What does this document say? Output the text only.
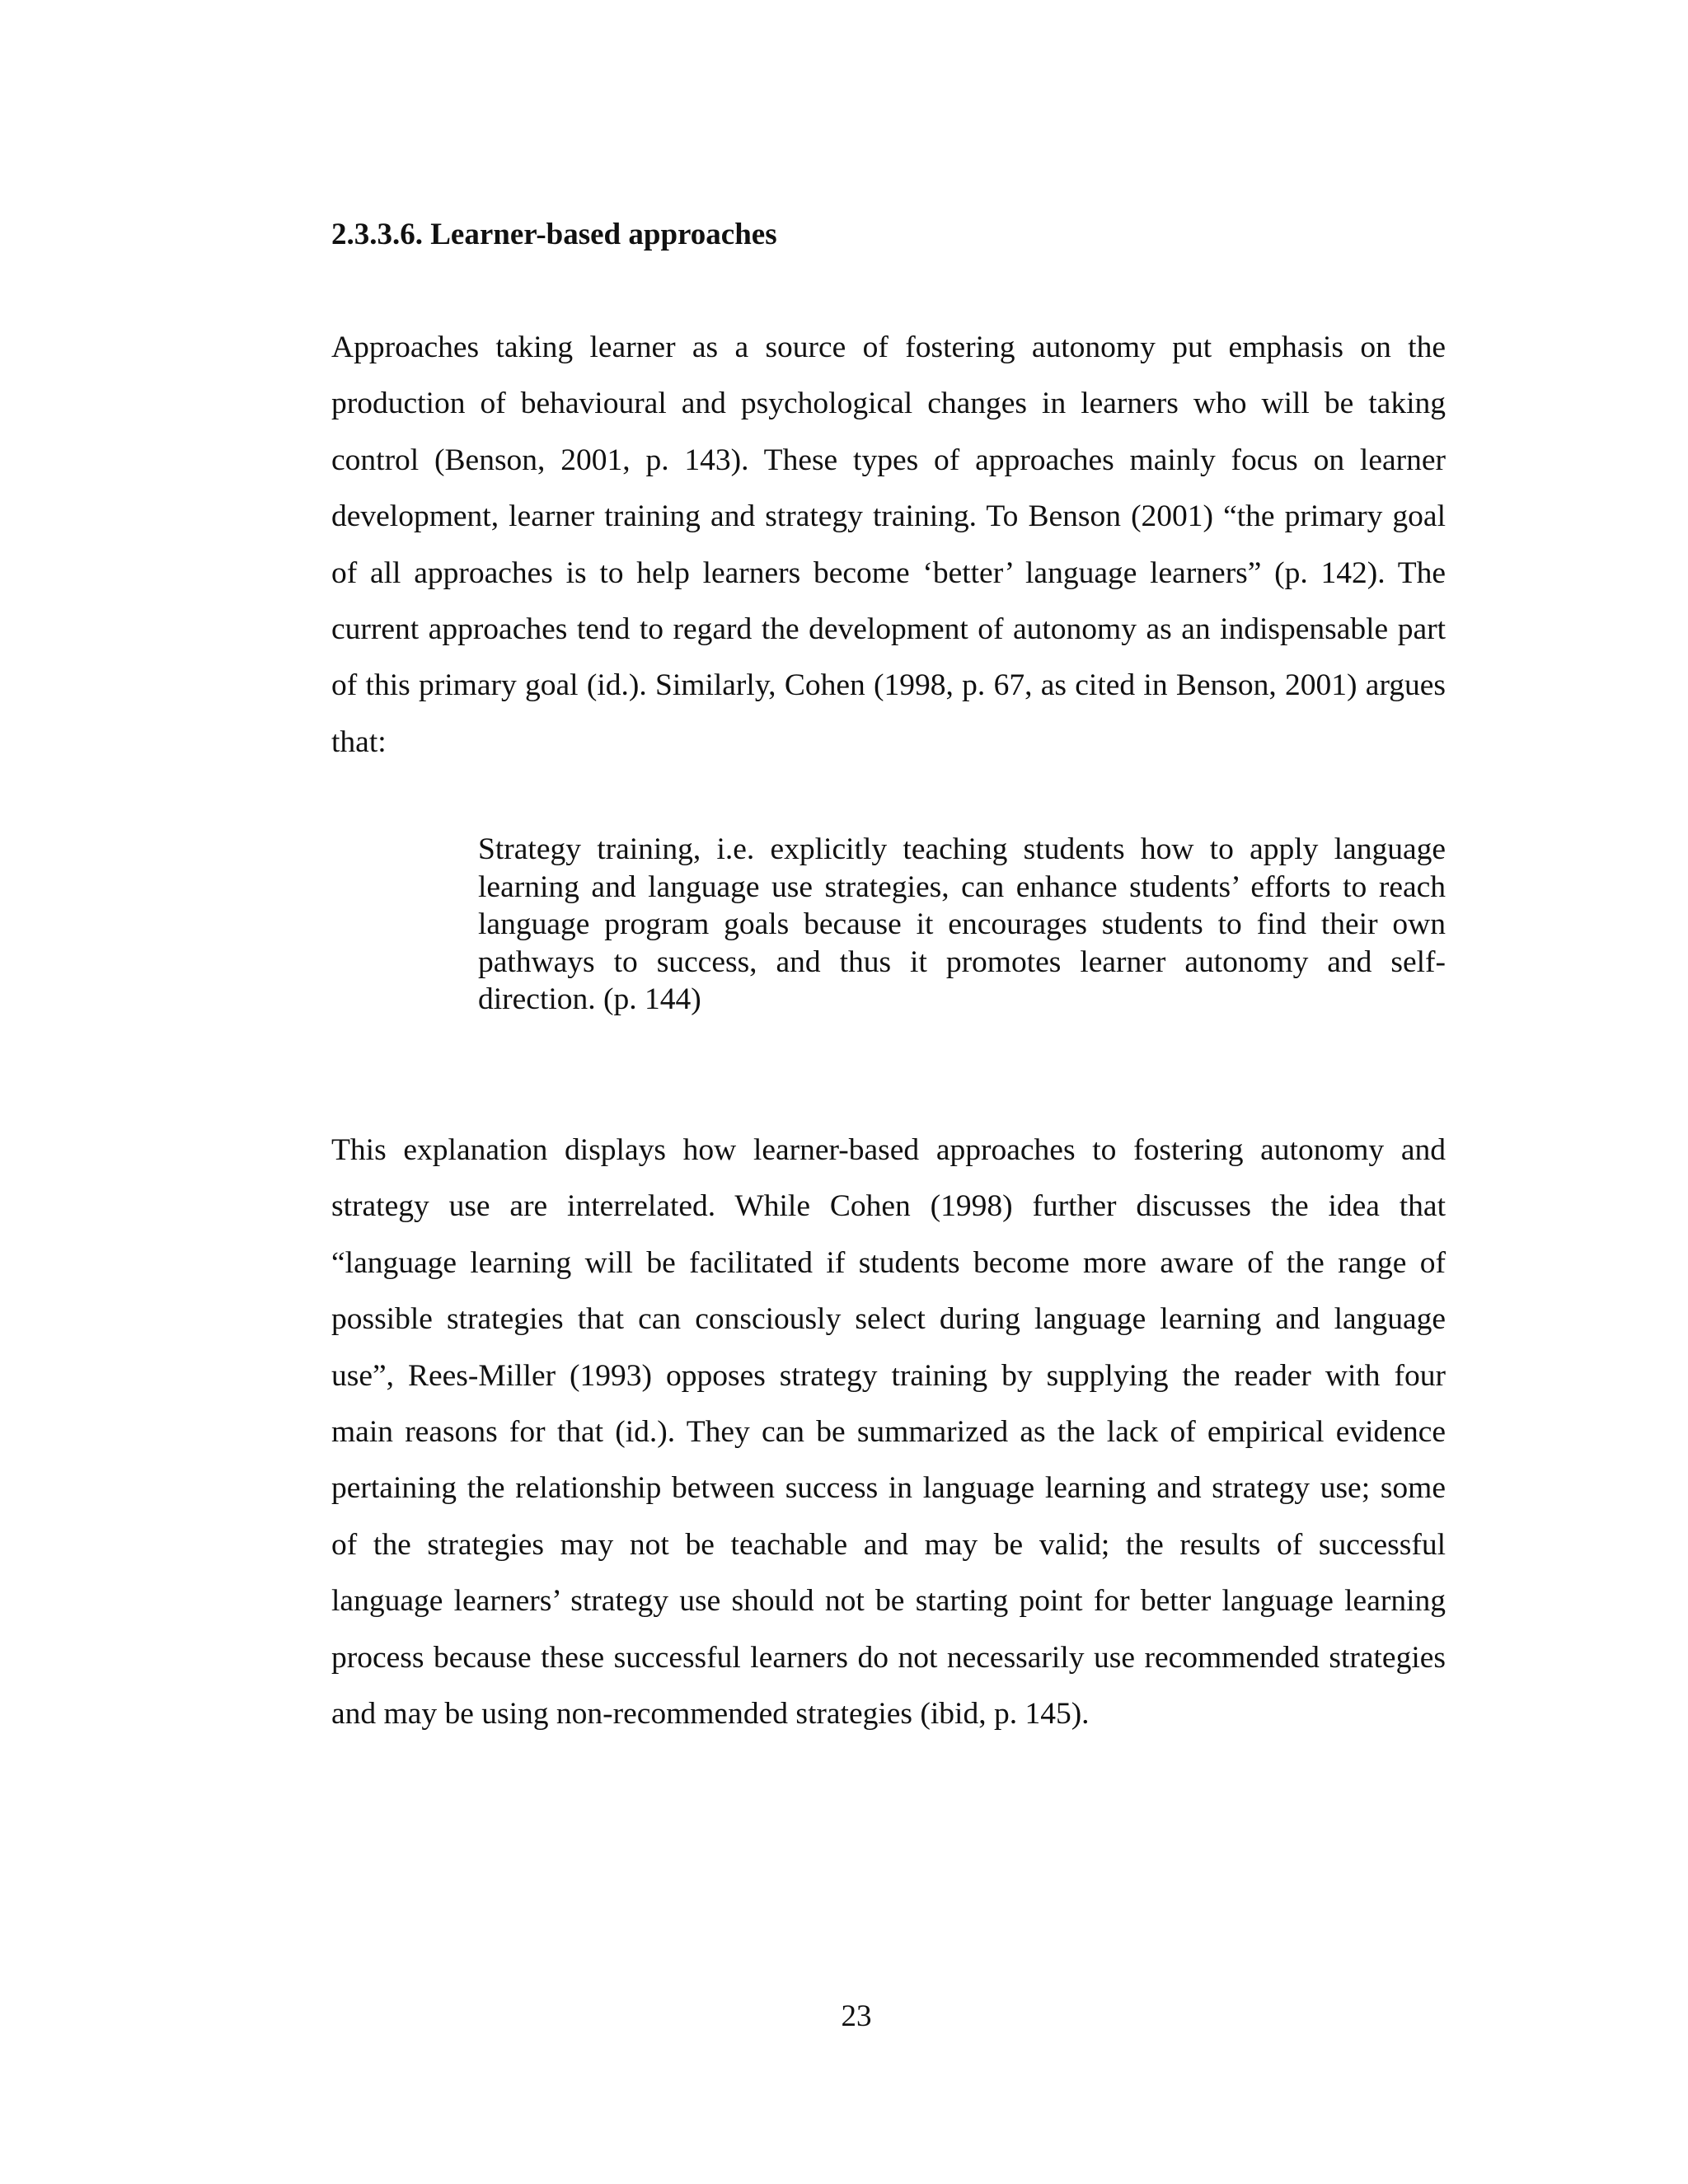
2.3.3.6. Learner-based approaches

Approaches taking learner as a source of fostering autonomy put emphasis on the production of behavioural and psychological changes in learners who will be taking control (Benson, 2001, p. 143). These types of approaches mainly focus on learner development, learner training and strategy training. To Benson (2001) “the primary goal of all approaches is to help learners become ‘better’ language learners” (p. 142). The current approaches tend to regard the development of autonomy as an indispensable part of this primary goal (id.). Similarly, Cohen (1998, p. 67, as cited in Benson, 2001) argues that:

Strategy training, i.e. explicitly teaching students how to apply language learning and language use strategies, can enhance students’ efforts to reach language program goals because it encourages students to find their own pathways to success, and thus it promotes learner autonomy and self-direction. (p. 144)

This explanation displays how learner-based approaches to fostering autonomy and strategy use are interrelated. While Cohen (1998) further discusses the idea that “language learning will be facilitated if students become more aware of the range of possible strategies that can consciously select during language learning and language use”, Rees-Miller (1993) opposes strategy training by supplying the reader with four main reasons for that (id.). They can be summarized as the lack of empirical evidence pertaining the relationship between success in language learning and strategy use; some of the strategies may not be teachable and may be valid; the results of successful language learners’ strategy use should not be starting point for better language learning process because these successful learners do not necessarily use recommended strategies and may be using non-recommended strategies (ibid, p. 145).

23
